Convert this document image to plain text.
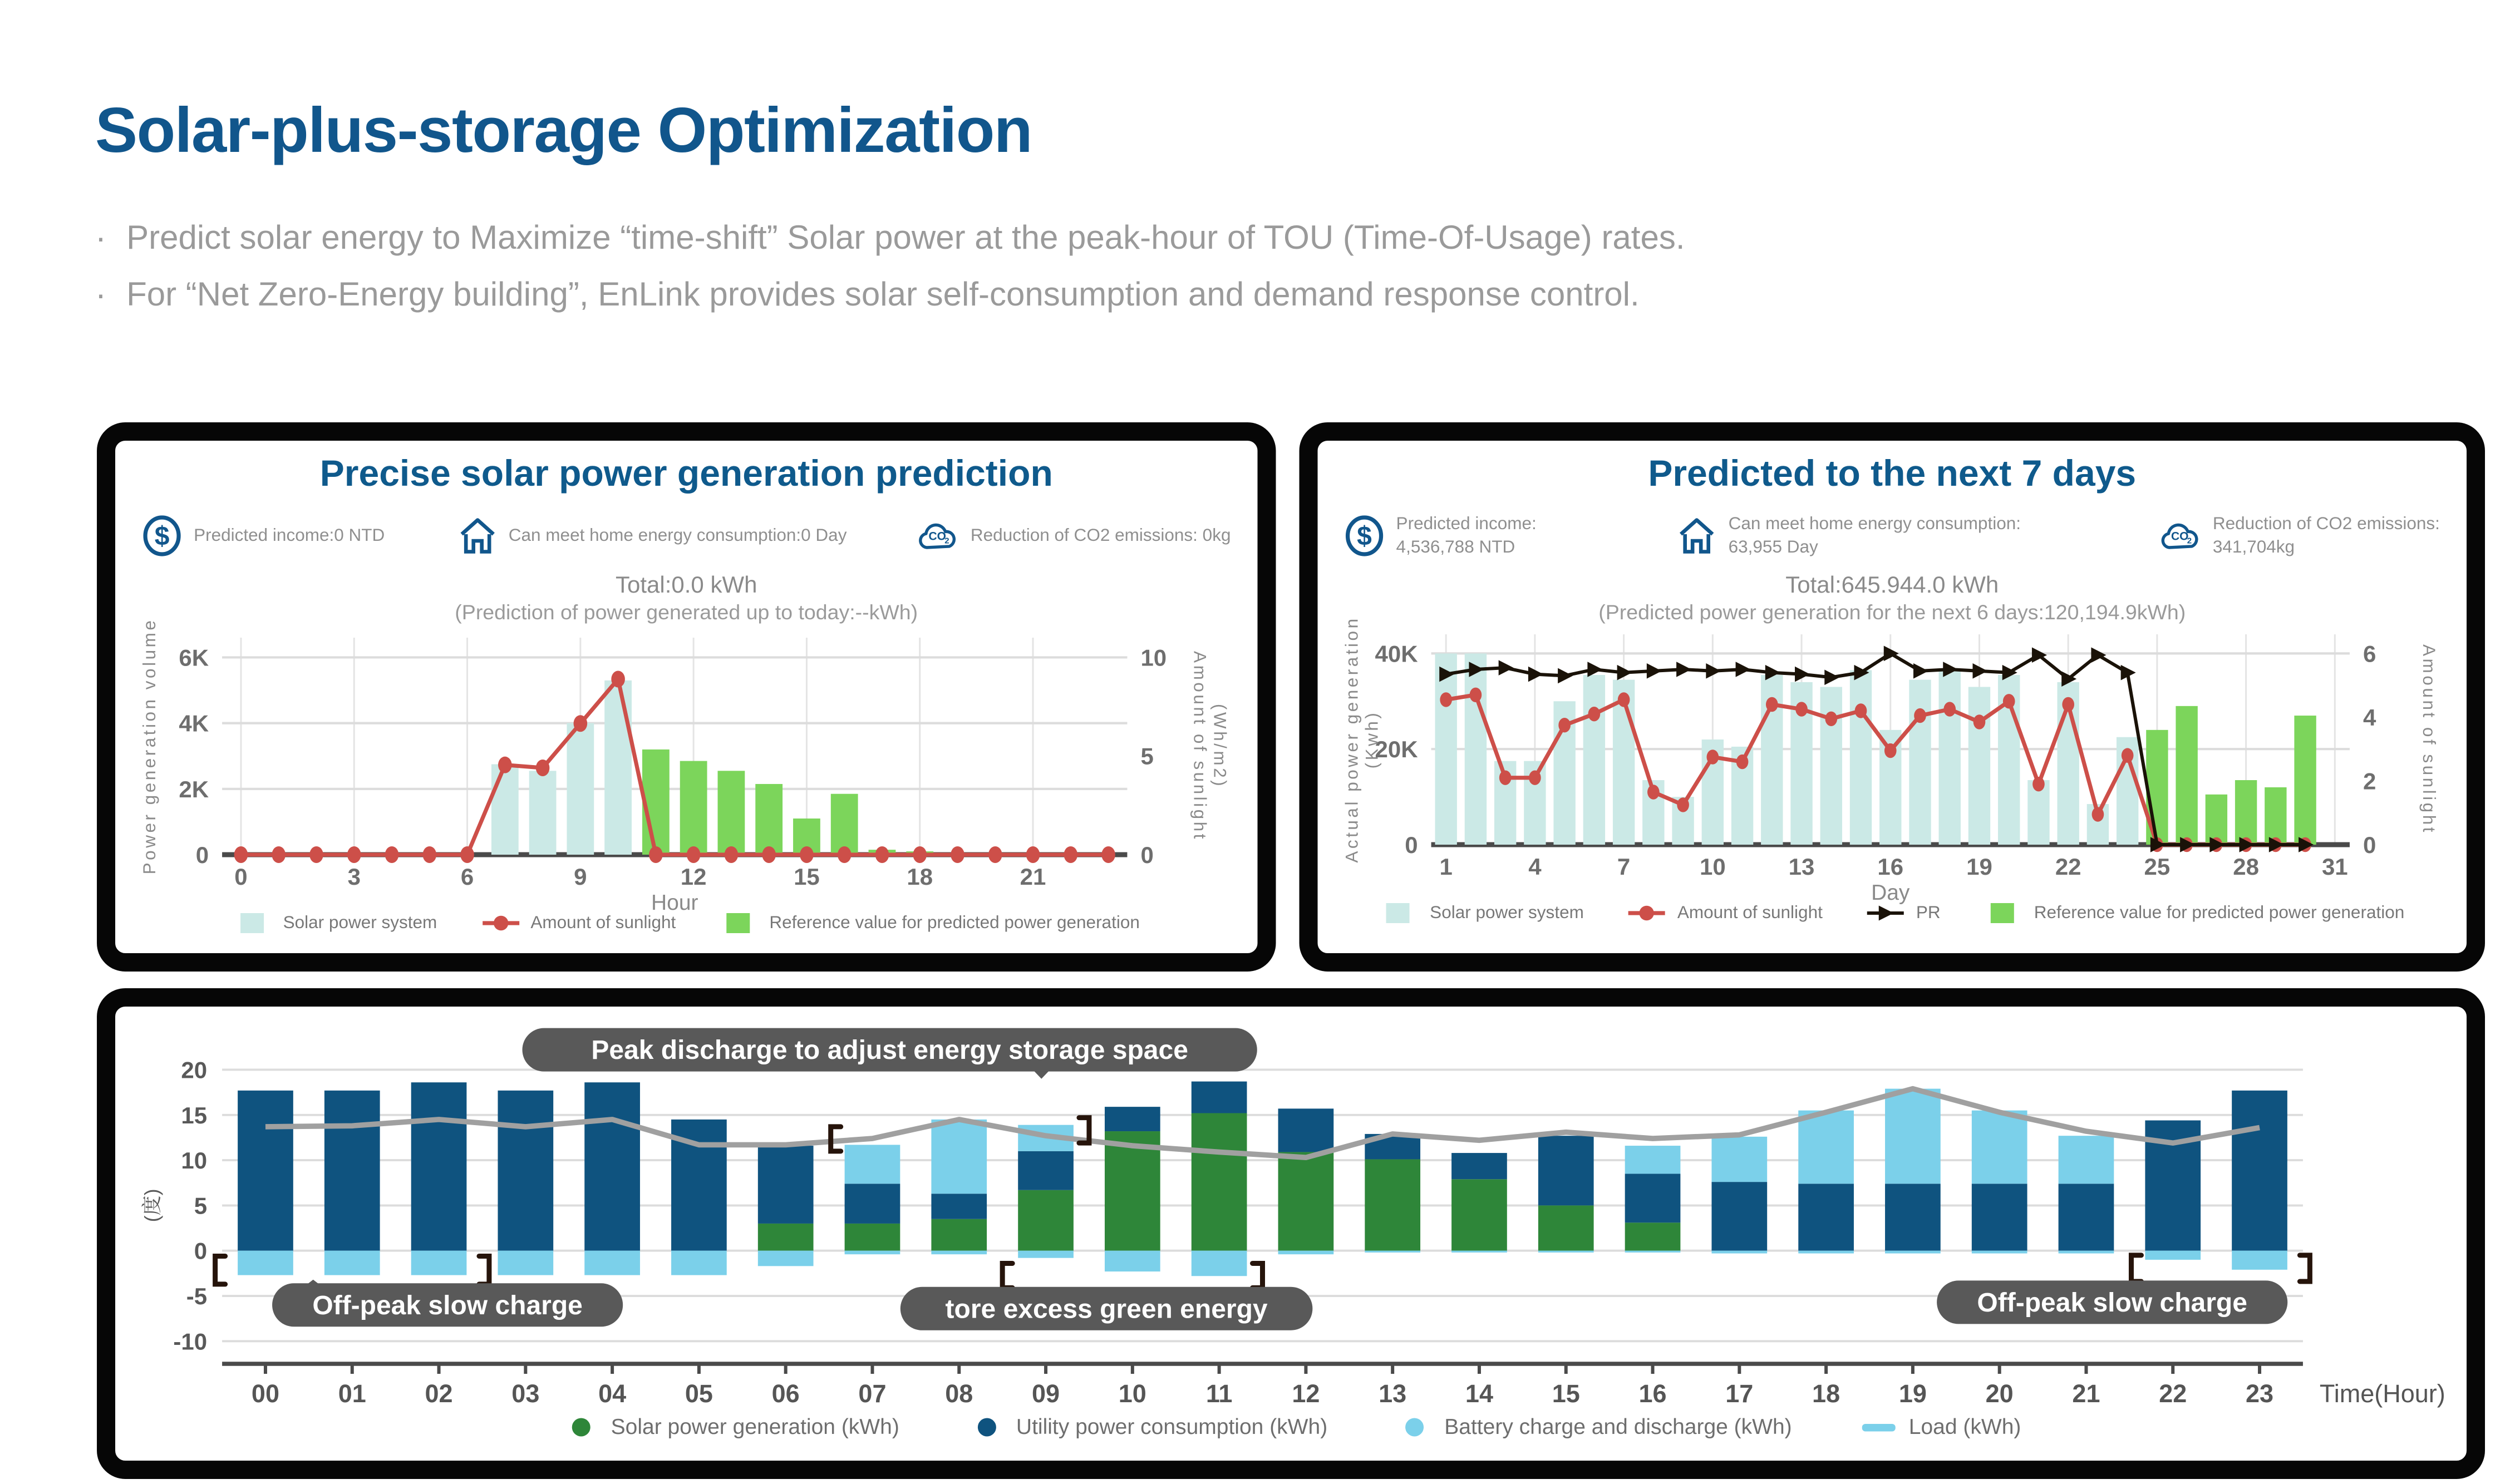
Solar-plus-storage Optimization
· Predict solar energy to Maximize “time-shift” Solar power at the peak-hour of TOU (Time-Of-Usage) rates.
· For “Net Zero-Energy building”, EnLink provides solar self-consumption and demand response control.
Precise solar power generation prediction
$	Predicted income:0 NTD	Can meet home energy consumption:0 Day	CO
2	Reduction of CO2 emissions: 0kg
Total:0.0 kWh
(Prediction of power generated up to today:--kWh)
0
2K
4K
6K
0
5
10
0	3	6	9	12	15	18	21
Hour
Power generation volume	Amount of sunlight (Wh/m2)
Solar power system	Amount of sunlight	Reference value for predicted power generation
Predicted to the next 7 days
$	Predicted income:
4,536,788 NTD
Can meet home energy consumption:
63,955 Day
CO
2
Reduction of CO2 emissions:
341,704kg
Total:645.944.0 kWh
(Predicted power generation for the next 6 days:120,194.9kWh)
0
20K
40K
0
2
4
6
1	4	7	10	13	16	19	22	25	28	31
Day
Actual power generation (Kwh)	Amount of sunlight
Solar power system	Amount of sunlight	PR	Reference value for predicted power generation
-10
-5
0
5
10
15
20
(度)
00	01	02	03	04	05	06	07	08	09	10	11	12	13	14	15	16	17	18	19	20	21	22	23	Time(Hour)
Peak discharge to adjust energy storage space
Off-peak slow charge	tore excess green energy	Off-peak slow charge
Solar power generation (kWh)	Utility power consumption (kWh)	Battery charge and discharge (kWh)	Load (kWh)
